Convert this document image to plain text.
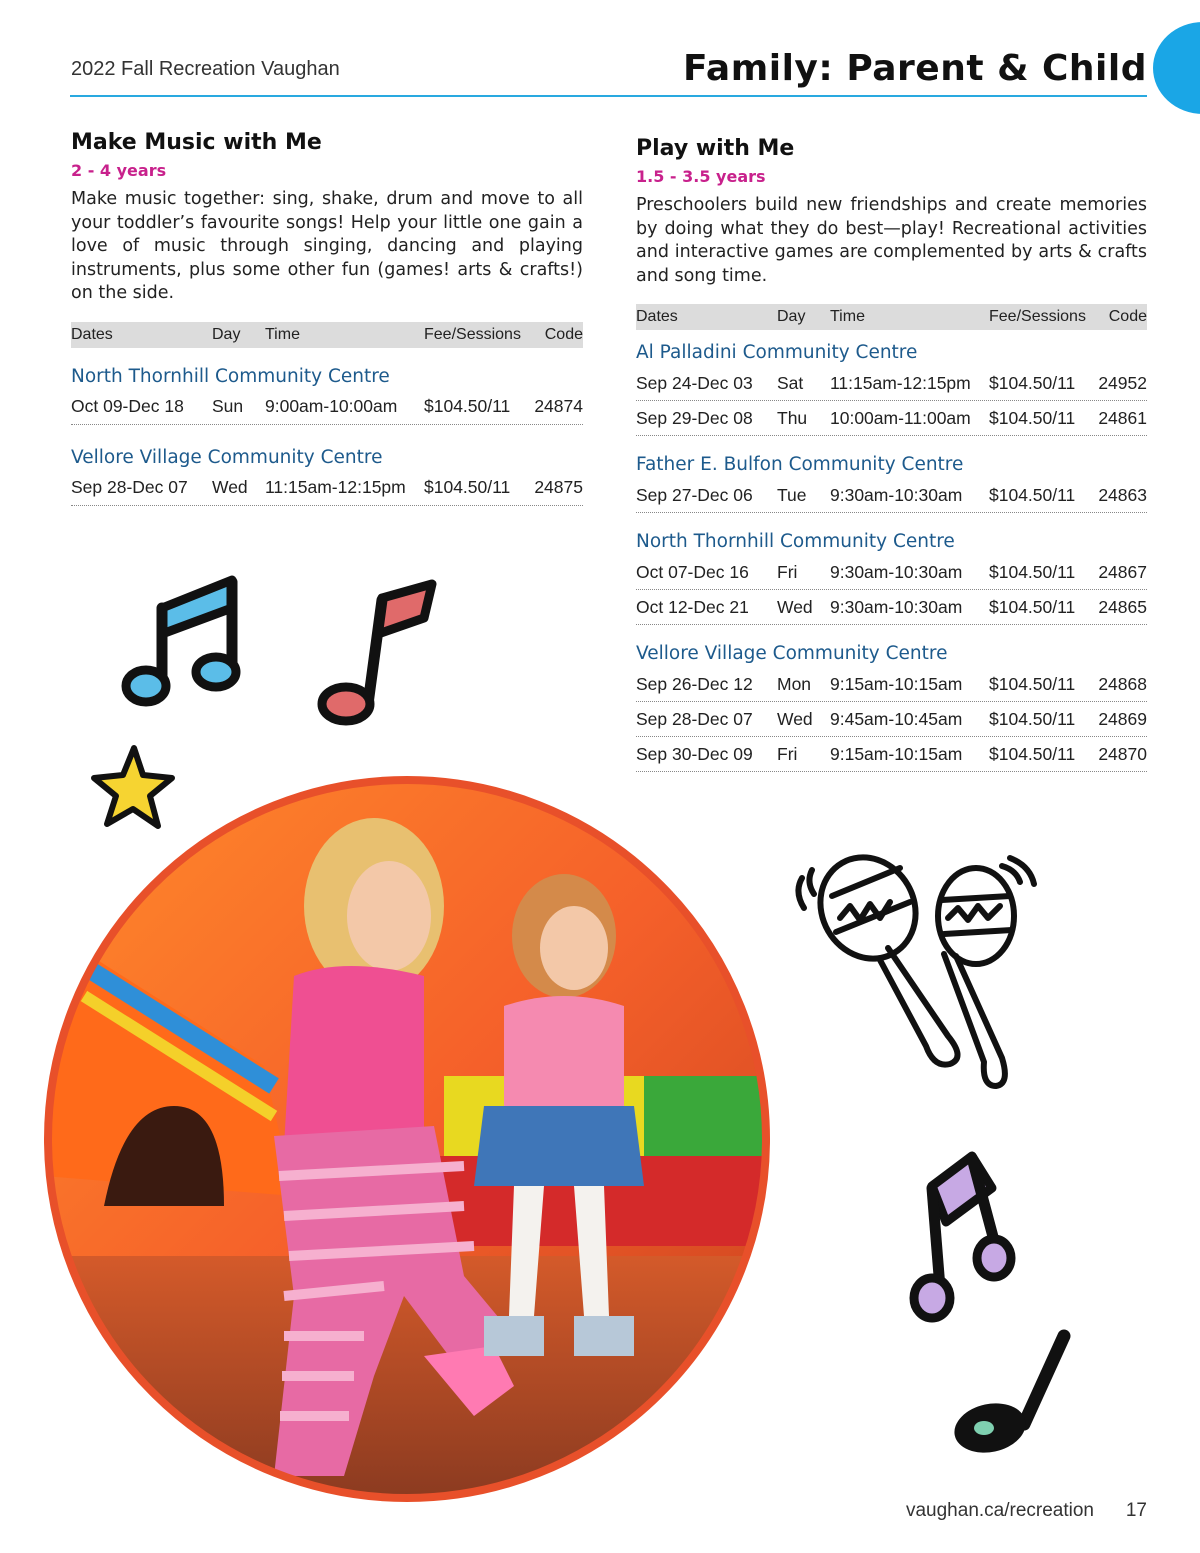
2022 Fall Recreation Vaughan	Family: Parent & Child
Make Music with Me
2 - 4 years
Make music together: sing, shake, drum and move to all your toddler’s favourite songs! Help your little one gain a love of music through singing, dancing and playing instruments, plus some other fun (games! arts & crafts!) on the side.
Dates	Day	Time	Fee/Sessions	Code
North Thornhill Community Centre
Oct 09-Dec 18	Sun	9:00am-10:00am	$104.50/11	24874
Vellore Village Community Centre
Sep 28-Dec 07	Wed 11:15am-12:15pm	$104.50/11	24875
Play with Me
1.5 - 3.5 years
Preschoolers build new friendships and create memories by doing what they do best—play! Recreational activities and interactive games are complemented by arts & crafts and song time.
Dates	Day	Time	Fee/Sessions	Code
Al Palladini Community Centre
Sep 24-Dec 03	Sat	11:15am-12:15pm	$104.50/11	24952
Sep 29-Dec 08	Thu	10:00am-11:00am	$104.50/11	24861
Father E. Bulfon Community Centre
Sep 27-Dec 06	Tue	9:30am-10:30am	$104.50/11	24863
North Thornhill Community Centre
Oct 07-Dec 16	Fri	9:30am-10:30am	$104.50/11	24867
Oct 12-Dec 21	Wed 9:30am-10:30am	$104.50/11	24865
Vellore Village Community Centre
Sep 26-Dec 12	Mon	9:15am-10:15am	$104.50/11	24868
Sep 28-Dec 07	Wed 9:45am-10:45am	$104.50/11	24869
Sep 30-Dec 09	Fri	9:15am-10:15am	$104.50/11	24870
vaughan.ca/recreation 17
